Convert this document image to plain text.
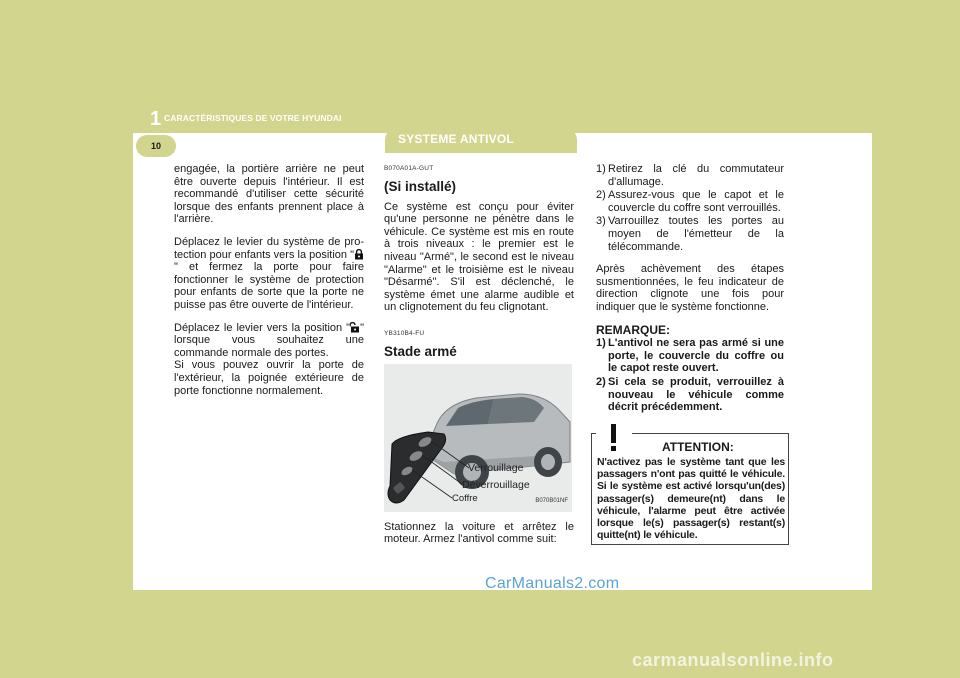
1 CARACTÉRISTIQUES DE VOTRE HYUNDAI
10	SYSTEME ANTIVOL

engagée, la portière arrière ne peut être ouverte depuis l'intérieur. Il est recommandé d'utiliser cette sécurité lorsque des enfants prennent place à l'arrière.

Déplacez le levier du système de pro-tection pour enfants vers la position "" et fermez la porte pour faire fonctionner le système de protection pour enfants de sorte que la porte ne puisse pas être ouverte de l'intérieur.

Déplacez le levier vers la position " " lorsque vous souhaitez une commande normale des portes.

Si vous pouvez ouvrir la porte de l'extérieur, la poignée extérieure de porte fonctionne normalement.

B070A01A-GUT
(Si installé)

Ce système est conçu pour éviter qu'une personne ne pénètre dans le véhicule. Ce système est mis en route à trois niveaux : le premier est le niveau "Armé", le second est le niveau "Alarme" et le troisième est le niveau "Désarmé". S'il est déclenché, le système émet une alarme audible et un clignotement du feu clignotant.

YB310B4-FU
Stade armé
Verrouillage
Déverrouillage
Coffre	B070B01NF

Stationnez la voiture et arrêtez le moteur. Armez l'antivol comme suit:

1) Retirez la clé du commutateur d'allumage.
2) Assurez-vous que le capot et le couvercle du coffre sont verrouillés.
3) Varrouillez toutes les portes au moyen de l'émetteur de la télécommande.

Après achèvement des étapes susmentionnées, le feu indicateur de direction clignote une fois pour indiquer que le système fonctionne.

REMARQUE:
1) L'antivol ne sera pas armé si une porte, le couvercle du coffre ou le capot reste ouvert.
2) Si cela se produit, verrouillez à nouveau le véhicule comme décrit précédemment.
ATTENTION:
N'activez pas le système tant que les passagers n'ont pas quitté le véhicule. Si le système est activé lorsqu'un(des) passager(s) demeure(nt) dans le véhicule, l'alarme peut être activée lorsque le(s) passager(s) restant(s) quitte(nt) le véhicule.
CarManuals2.com
carmanualsonline.info
